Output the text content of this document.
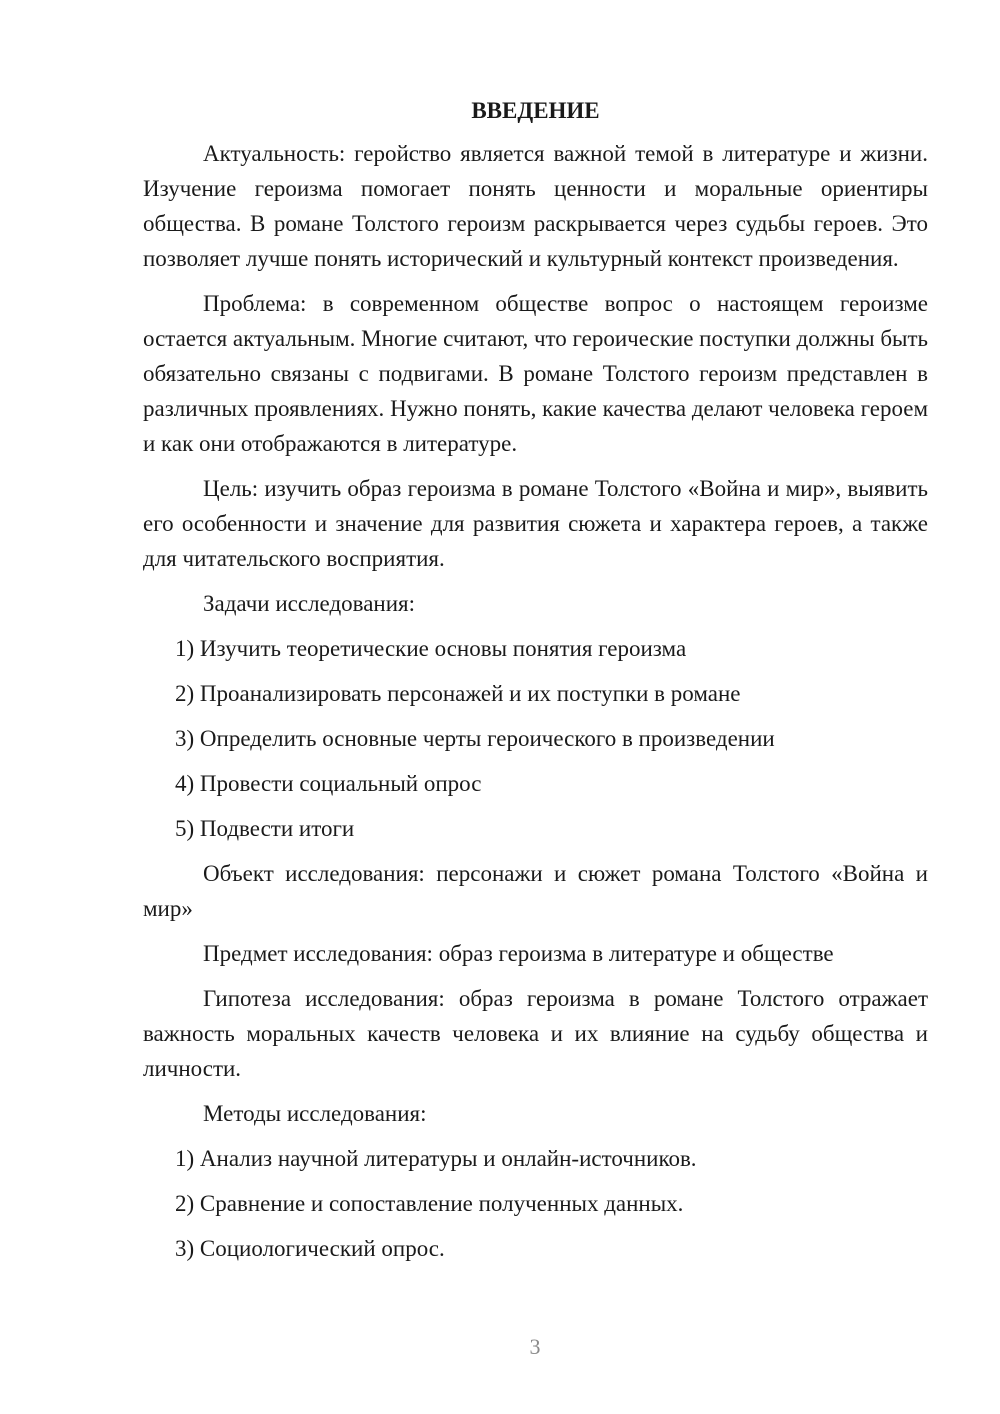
ВВЕДЕНИЕ

Актуальность: геройство является важной темой в литературе и жизни. Изучение героизма помогает понять ценности и моральные ориентиры общества. В романе Толстого героизм раскрывается через судьбы героев. Это позволяет лучше понять исторический и культурный контекст произведения.

Проблема: в современном обществе вопрос о настоящем героизме остается актуальным. Многие считают, что героические поступки должны быть обязательно связаны с подвигами. В романе Толстого героизм представлен в различных проявлениях. Нужно понять, какие качества делают человека героем и как они отображаются в литературе.

Цель: изучить образ героизма в романе Толстого «Война и мир», выявить его особенности и значение для развития сюжета и характера героев, а также для читательского восприятия.

Задачи исследования:

1) Изучить теоретические основы понятия героизма
2) Проанализировать персонажей и их поступки в романе
3) Определить основные черты героического в произведении
4) Провести социальный опрос
5) Подвести итоги

Объект исследования: персонажи и сюжет романа Толстого «Война и мир»

Предмет исследования: образ героизма в литературе и обществе

Гипотеза исследования: образ героизма в романе Толстого отражает важность моральных качеств человека и их влияние на судьбу общества и личности.

Методы исследования:

1) Анализ научной литературы и онлайн-источников.
2) Сравнение и сопоставление полученных данных.
3) Социологический опрос.
3
